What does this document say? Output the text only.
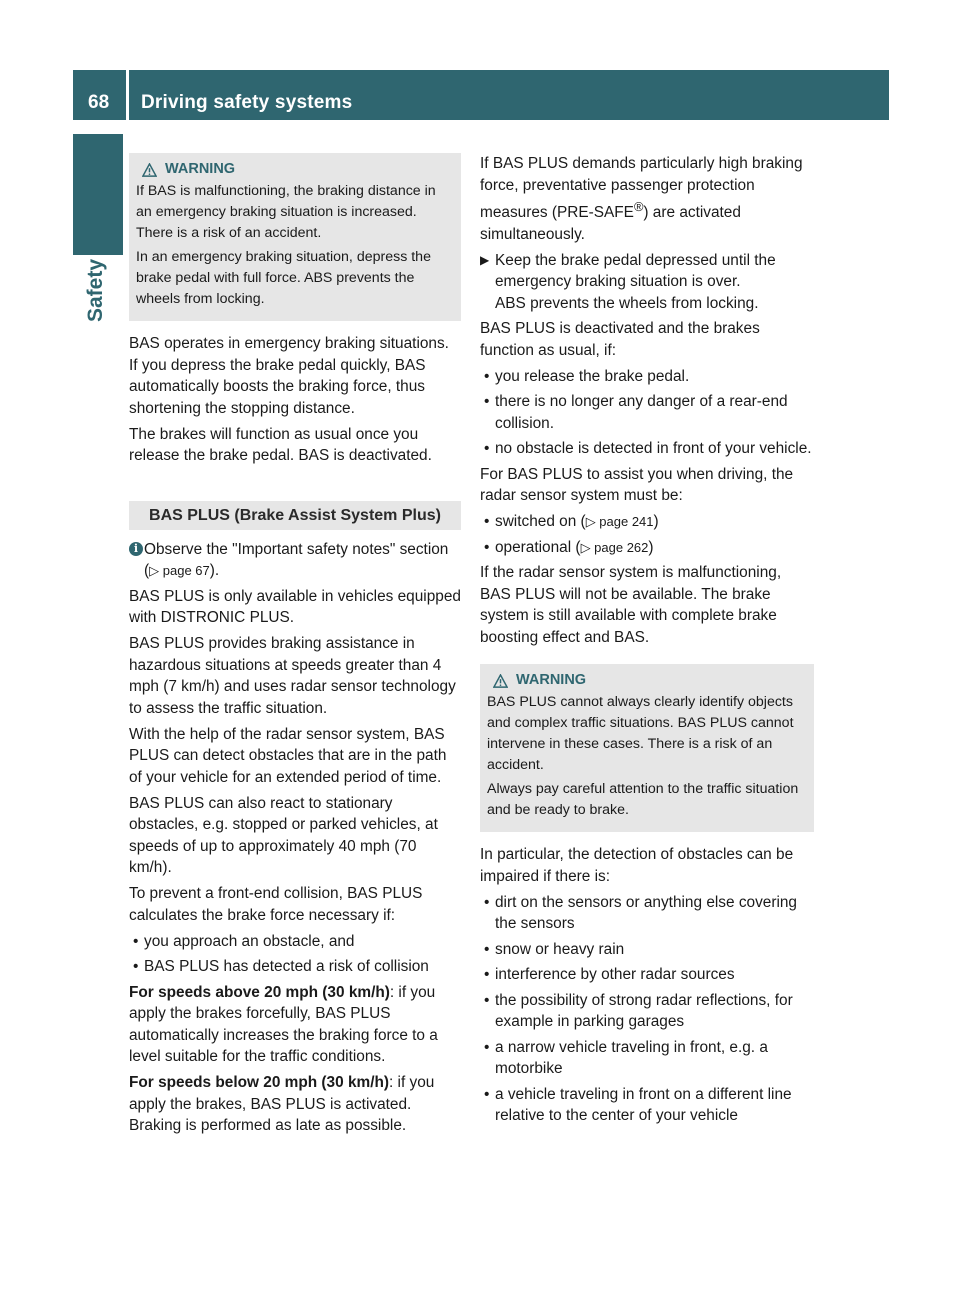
68 Driving safety systems
Safety
WARNING

If BAS is malfunctioning, the braking distance in an emergency braking situation is increased. There is a risk of an accident.

In an emergency braking situation, depress the brake pedal with full force. ABS prevents the wheels from locking.

BAS operates in emergency braking situations. If you depress the brake pedal quickly, BAS automatically boosts the braking force, thus shortening the stopping distance.

The brakes will function as usual once you release the brake pedal. BAS is deactivated.

BAS PLUS (Brake Assist System Plus)
i Observe the "Important safety notes" section (▷ page 67).

BAS PLUS is only available in vehicles equipped with DISTRONIC PLUS.

BAS PLUS provides braking assistance in hazardous situations at speeds greater than 4 mph (7 km/h) and uses radar sensor technology to assess the traffic situation.

With the help of the radar sensor system, BAS PLUS can detect obstacles that are in the path of your vehicle for an extended period of time.

BAS PLUS can also react to stationary obstacles, e.g. stopped or parked vehicles, at speeds of up to approximately 40 mph (70 km/h).

To prevent a front-end collision, BAS PLUS calculates the brake force necessary if:

• you approach an obstacle, and
• BAS PLUS has detected a risk of collision

For speeds above 20 mph (30 km/h): if you apply the brakes forcefully, BAS PLUS automatically increases the braking force to a level suitable for the traffic conditions.

For speeds below 20 mph (30 km/h): if you apply the brakes, BAS PLUS is activated. Braking is performed as late as possible.

If BAS PLUS demands particularly high braking force, preventative passenger protection measures (PRE-SAFE®) are activated simultaneously.

▶ Keep the brake pedal depressed until the emergency braking situation is over.
ABS prevents the wheels from locking.

BAS PLUS is deactivated and the brakes function as usual, if:

• you release the brake pedal.
• there is no longer any danger of a rear-end collision.
• no obstacle is detected in front of your vehicle.

For BAS PLUS to assist you when driving, the radar sensor system must be:

• switched on (▷ page 241)
• operational (▷ page 262)

If the radar sensor system is malfunctioning, BAS PLUS will not be available. The brake system is still available with complete brake boosting effect and BAS.

WARNING

BAS PLUS cannot always clearly identify objects and complex traffic situations. BAS PLUS cannot intervene in these cases. There is a risk of an accident.

Always pay careful attention to the traffic situation and be ready to brake.

In particular, the detection of obstacles can be impaired if there is:

• dirt on the sensors or anything else covering the sensors
• snow or heavy rain
• interference by other radar sources
• the possibility of strong radar reflections, for example in parking garages
• a narrow vehicle traveling in front, e.g. a motorbike
• a vehicle traveling in front on a different line relative to the center of your vehicle
